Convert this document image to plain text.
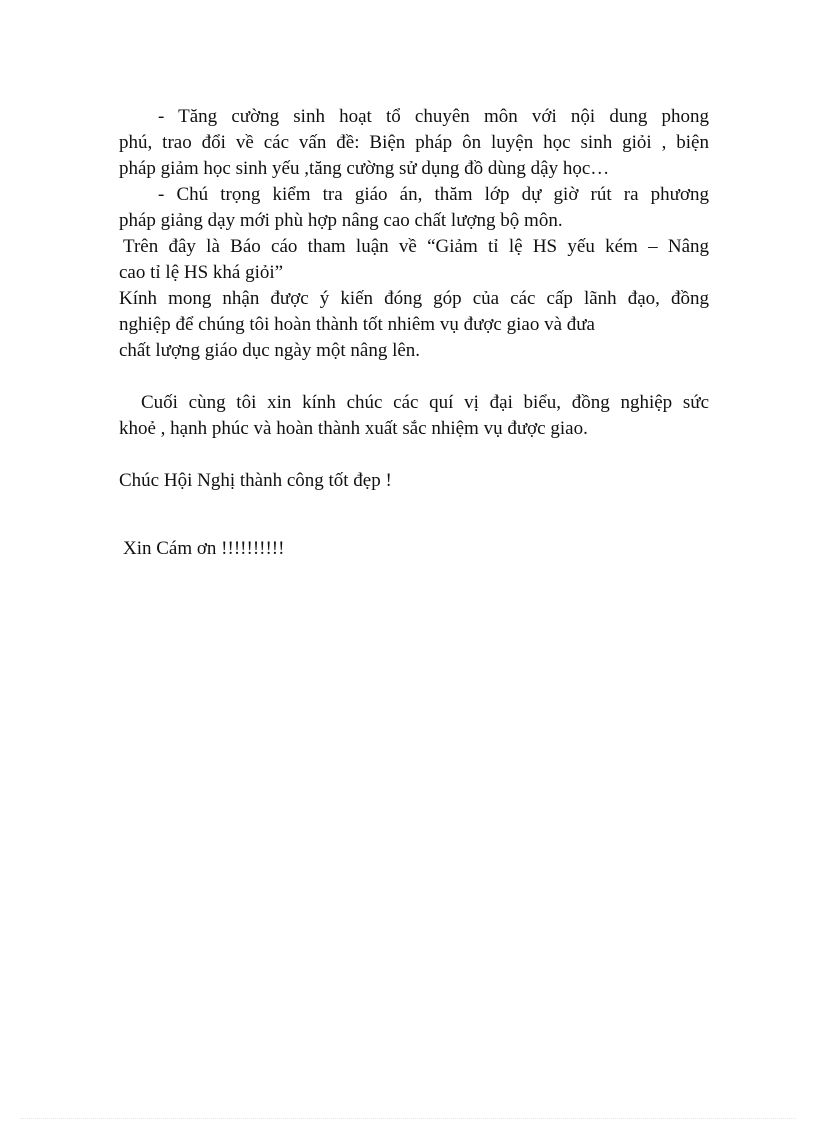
- Tăng cường sinh hoạt tổ chuyên môn với nội dung phong
phú, trao đổi về các vấn đề: Biện pháp ôn luyện học sinh giỏi , biện
pháp giảm học sinh yếu ,tăng cường sử dụng đồ dùng dậy học…
- Chú trọng kiểm tra giáo án, thăm lớp dự giờ rút ra phương
pháp giảng dạy mới phù hợp nâng cao chất lượng bộ môn.
Trên đây là Báo cáo tham luận về “Giảm tỉ lệ HS yếu kém – Nâng
cao tỉ lệ HS khá giỏi”
Kính mong nhận được ý kiến đóng góp của các cấp lãnh đạo, đồng
nghiệp để chúng tôi hoàn thành tốt nhiêm vụ được giao và đưa
chất lượng giáo dục ngày một nâng lên.
Cuối cùng tôi xin kính chúc các quí vị đại biểu, đồng nghiệp sức
khoẻ , hạnh phúc và hoàn thành xuất sắc nhiệm vụ được giao.
Chúc Hội Nghị thành công tốt đẹp !
Xin Cám ơn !!!!!!!!!!
